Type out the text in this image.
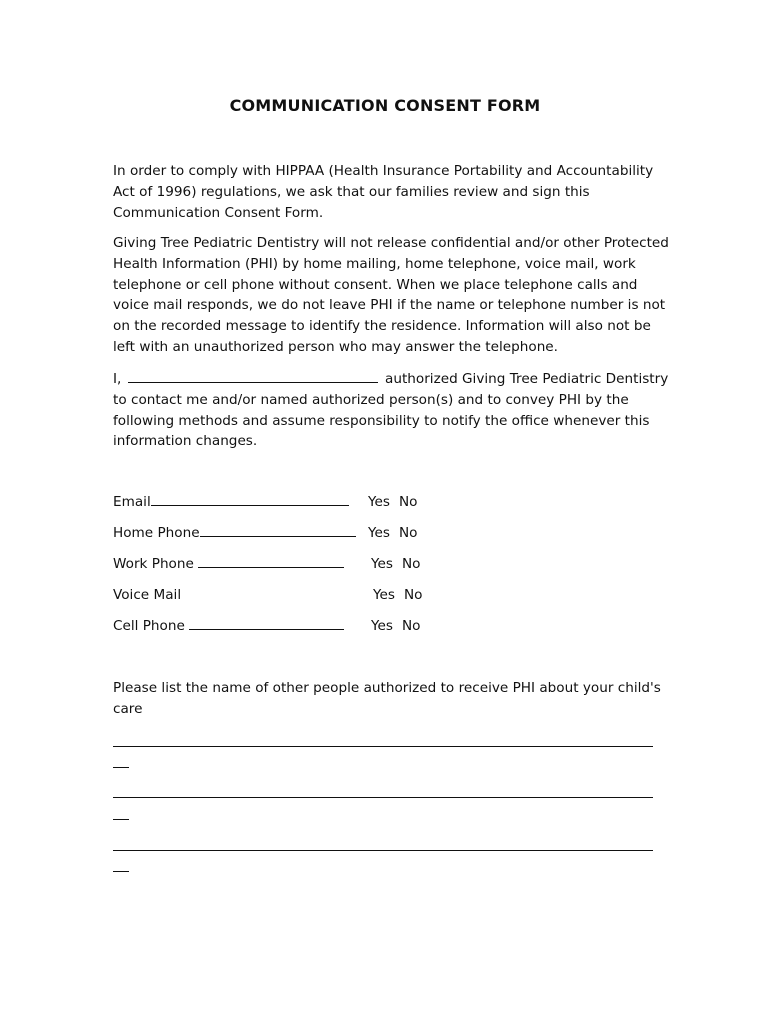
COMMUNICATION CONSENT FORM

In order to comply with HIPPAA (Health Insurance Portability and Accountability Act of 1996) regulations, we ask that our families review and sign this Communication Consent Form.

Giving Tree Pediatric Dentistry will not release confidential and/or other Protected Health Information (PHI) by home mailing, home telephone, voice mail, work telephone or cell phone without consent. When we place telephone calls and voice mail responds, we do not leave PHI if the name or telephone number is not on the recorded message to identify the residence. Information will also not be left with an unauthorized person who may answer the telephone.

I,	authorized Giving Tree Pediatric Dentistry to contact me and/or named authorized person(s) and to convey PHI by the following methods and assume responsibility to notify the office whenever this information changes.

Email	Yes No
Home Phone	Yes No
Work Phone	Yes No
Voice Mail	Yes No
Cell Phone	Yes No

Please list the name of other people authorized to receive PHI about your child's care
